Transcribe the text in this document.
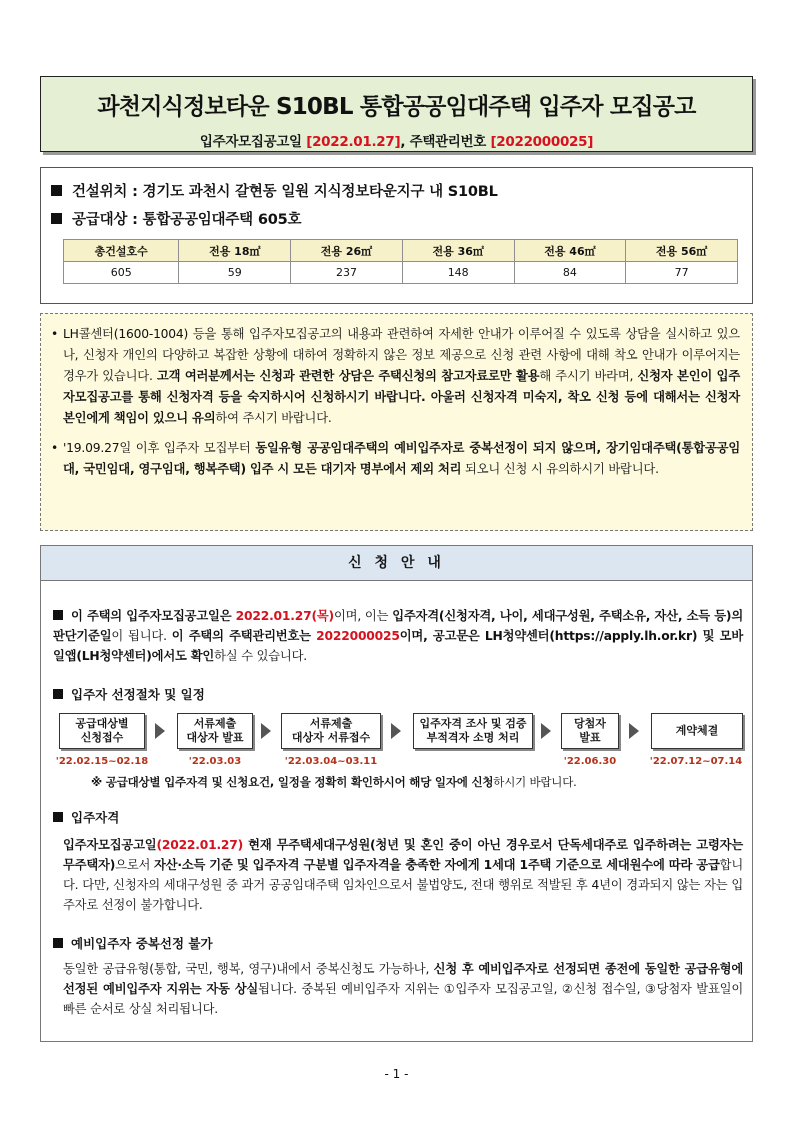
과천지식정보타운 S10BL 통합공공임대주택 입주자 모집공고
입주자모집공고일 [2022.01.27], 주택관리번호 [2022000025]
건설위치 : 경기도 과천시 갈현동 일원 지식정보타운지구 내 S10BL
공급대상 : 통합공공임대주택 605호
총건설호수	전용 18㎡	전용 26㎡	전용 36㎡	전용 46㎡	전용 56㎡
605	59	237	148	84	77
• LH콜센터(1600-1004) 등을 통해 입주자모집공고의 내용과 관련하여 자세한 안내가 이루어질 수 있도록 상담을 실시하고 있으나, 신청자 개인의 다양하고 복잡한 상황에 대하여 정확하지 않은 정보 제공으로 신청 관련 사항에 대해 착오 안내가 이루어지는 경우가 있습니다. 고객 여러분께서는 신청과 관련한 상담은 주택신청의 참고자료로만 활용해 주시기 바라며, 신청자 본인이 입주자모집공고를 통해 신청자격 등을 숙지하시어 신청하시기 바랍니다. 아울러 신청자격 미숙지, 착오 신청 등에 대해서는 신청자 본인에게 책임이 있으니 유의하여 주시기 바랍니다.
• '19.09.27일 이후 입주자 모집부터 동일유형 공공임대주택의 예비입주자로 중복선정이 되지 않으며, 장기임대주택(통합공공임대, 국민임대, 영구임대, 행복주택) 입주 시 모든 대기자 명부에서 제외 처리 되오니 신청 시 유의하시기 바랍니다.
신 청 안 내
이 주택의 입주자모집공고일은 2022.01.27(목)이며, 이는 입주자격(신청자격, 나이, 세대구성원, 주택소유, 자산, 소득 등)의 판단기준일이 됩니다. 이 주택의 주택관리번호는 2022000025이며, 공고문은 LH청약센터(https://apply.lh.or.kr) 및 모바일앱(LH청약센터)에서도 확인하실 수 있습니다.
입주자 선정절차 및 일정
공급대상별
신청접수
서류제출
대상자 발표
서류제출
대상자 서류접수
입주자격 조사 및 검증
부적격자 소명 처리
당첨자
발표
계약체결
'22.02.15~02.18	'22.03.03	'22.03.04~03.11	'22.06.30	'22.07.12~07.14
※ 공급대상별 입주자격 및 신청요건, 일정을 정확히 확인하시어 해당 일자에 신청하시기 바랍니다.
입주자격
입주자모집공고일(2022.01.27) 현재 무주택세대구성원(청년 및 혼인 중이 아닌 경우로서 단독세대주로 입주하려는 고령자는 무주택자)으로서 자산·소득 기준 및 입주자격 구분별 입주자격을 충족한 자에게 1세대 1주택 기준으로 세대원수에 따라 공급합니다. 다만, 신청자의 세대구성원 중 과거 공공임대주택 임차인으로서 불법양도, 전대 행위로 적발된 후 4년이 경과되지 않는 자는 입주자로 선정이 불가합니다.
예비입주자 중복선정 불가
동일한 공급유형(통합, 국민, 행복, 영구)내에서 중복신청도 가능하나, 신청 후 예비입주자로 선정되면 종전에 동일한 공급유형에 선정된 예비입주자 지위는 자동 상실됩니다. 중복된 예비입주자 지위는 ①입주자 모집공고일, ②신청 접수일, ③당첨자 발표일이 빠른 순서로 상실 처리됩니다.
- 1 -
